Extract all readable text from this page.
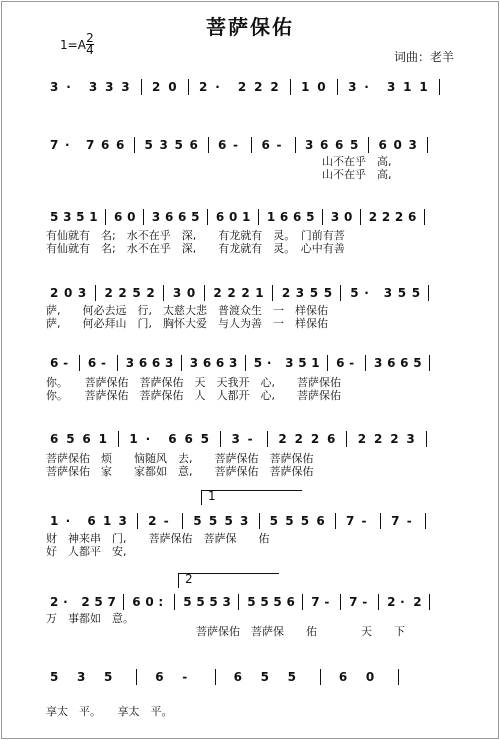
菩萨保佑
1=A 2
4	词曲：老羊
3 · 3 3 3 2 0 2 · 2 2 2 1 0 3 · 3 1 1
7 · 7 6 6 5 3 5 6 6 - 6 - 3 6 6 5 6 0 3
5 3 5 1 6 0 3 6 6 5 6 0 1 1 6 6 5 3 0 2 2 2 6
2 0 3 2 2 5 2 3 0 2 2 2 1 2 3 5 5 5 · 3 5 5
6 - 6 - 3 6 6 3 3 6 6 3 5 · 3 5 1 6 - 3 6 6 5
6 5 6 1 1 · 6 6 5 3 - 2 2 2 6 2 2 2 3
1 · 6 1 3 2 - 5 5 5 3 5 5 5 6 7 - 7 -
2 · 2 5 7 6 0 : 5 5 5 3 5 5 5 6 7 - 7 - 2 · 2
5 3 5	6 -	6 5 5	6 0
山不在乎　高,
山不在乎　高,
有仙就有　名;　水不在乎　深,　　有龙就有　灵。　门前有菩
有仙就有　名;　水不在乎　深,　　有龙就有　灵。　心中有善
萨,　　何必去远　行,　太慈大悲　普渡众生　一　样保佑
萨,　　何必拜山　门,　胸怀大爱　与人为善　一　样保佑
你。　　菩萨保佑　菩萨保佑　天　天我开　心,　　菩萨保佑
你。　　菩萨保佑　菩萨保佑　人　人都开　心,　　菩萨保佑
菩萨保佑　烦　　恼随风　去,　　菩萨保佑　菩萨保佑
菩萨保佑　家　　家都如　意,　　菩萨保佑　菩萨保佑
财　神来串　门,　　菩萨保佑　菩萨保　　佑
好　人都平　安,
万　事都如　意。
菩萨保佑　菩萨保　　佑　　　　天　　下
享太　平。　　享太　平。
1
2
